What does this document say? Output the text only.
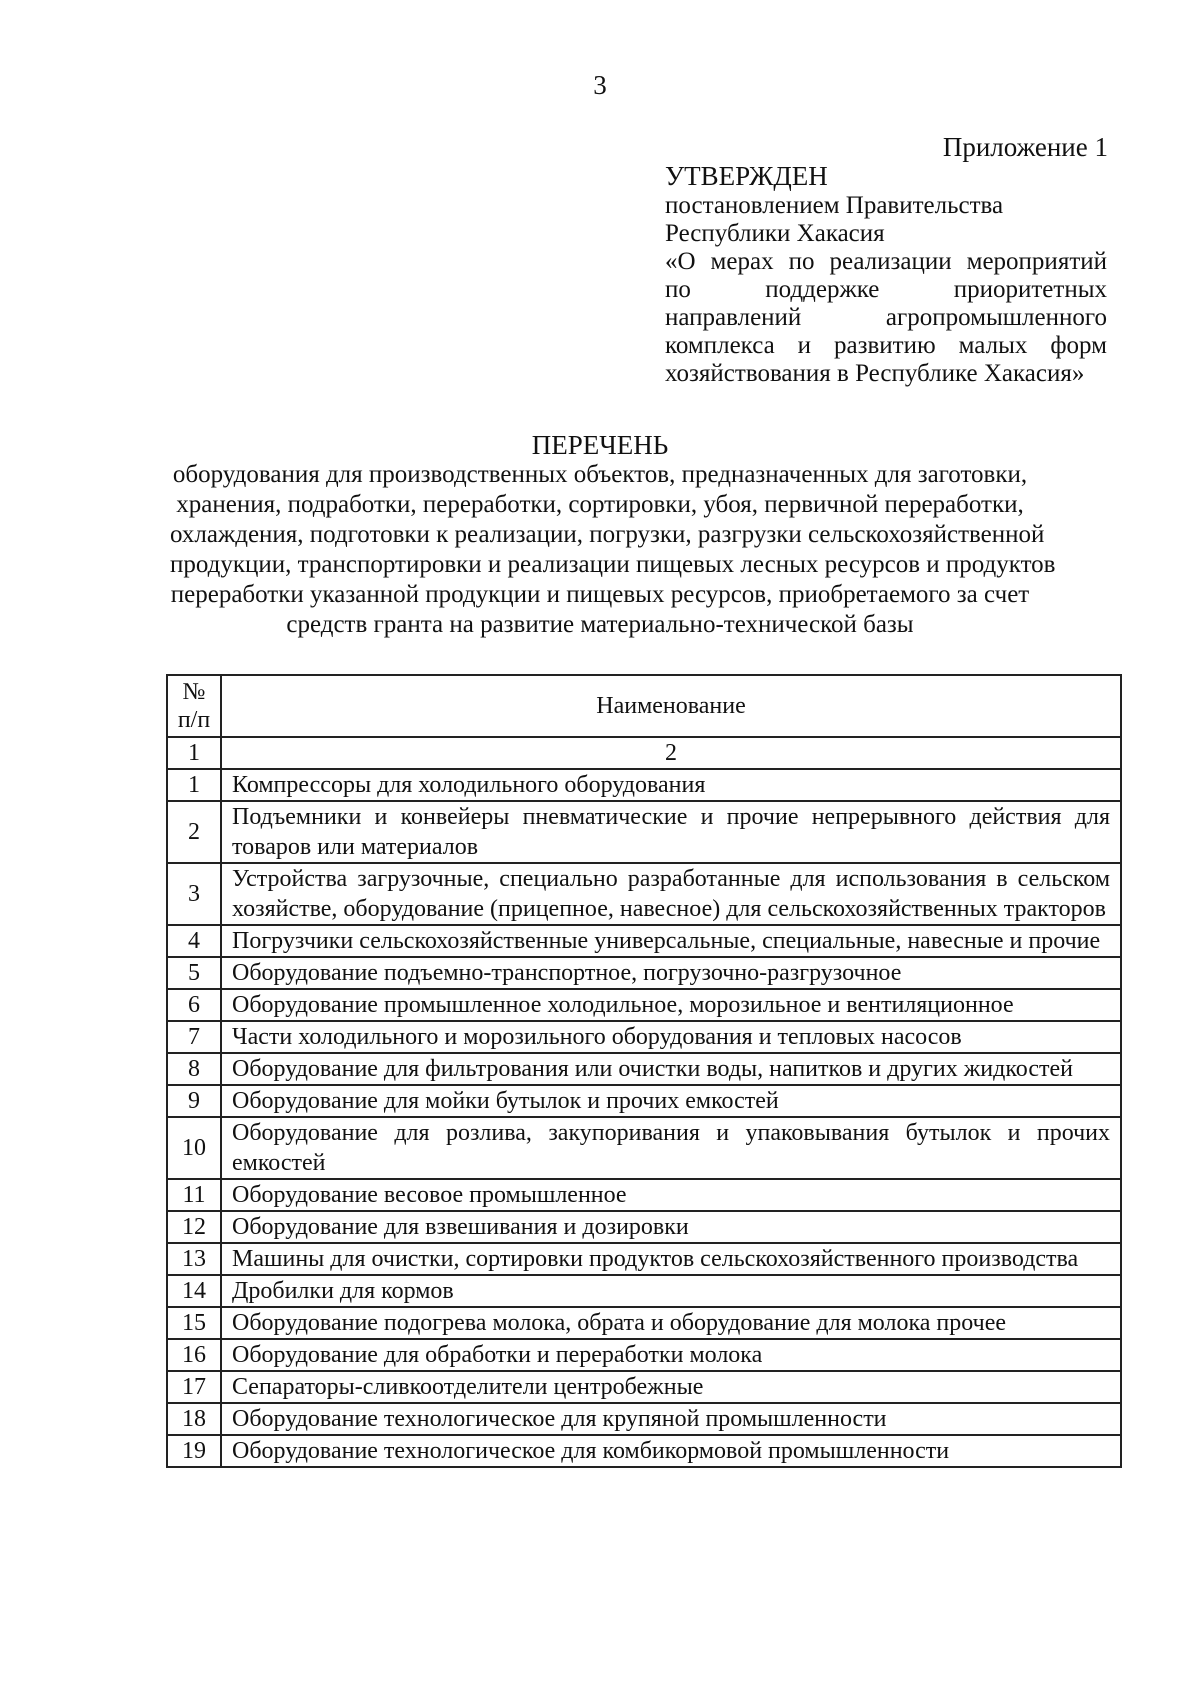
3
Приложение 1
УТВЕРЖДЕН
постановлением Правительства
Республики Хакасия
«О мерах по реализации мероприятий
по поддержке приоритетных
направлений агропромышленного
комплекса и развитию малых форм
хозяйствования в Республике Хакасия»
ПЕРЕЧЕНЬ
оборудования для производственных объектов, предназначенных для заготовки,
хранения, подработки, переработки, сортировки, убоя, первичной переработки,
охлаждения, подготовки к реализации, погрузки, разгрузки сельскохозяйственной
продукции, транспортировки и реализации пищевых лесных ресурсов и продуктов
переработки указанной продукции и пищевых ресурсов, приобретаемого за счет
средств гранта на развитие материально-технической базы
№ п/п	Наименование
1	2
1	Компрессоры для холодильного оборудования
2	Подъемники и конвейеры пневматические и прочие непрерывного действия для товаров или материалов
3	Устройства загрузочные, специально разработанные для использования в сельском хозяйстве, оборудование (прицепное, навесное) для сельскохозяйственных тракторов
4	Погрузчики сельскохозяйственные универсальные, специальные, навесные и прочие
5	Оборудование подъемно-транспортное, погрузочно-разгрузочное
6	Оборудование промышленное холодильное, морозильное и вентиляционное
7	Части холодильного и морозильного оборудования и тепловых насосов
8	Оборудование для фильтрования или очистки воды, напитков и других жидкостей
9	Оборудование для мойки бутылок и прочих емкостей
10	Оборудование для розлива, закупоривания и упаковывания бутылок и прочих емкостей
11	Оборудование весовое промышленное
12	Оборудование для взвешивания и дозировки
13	Машины для очистки, сортировки продуктов сельскохозяйственного производства
14	Дробилки для кормов
15	Оборудование подогрева молока, обрата и оборудование для молока прочее
16	Оборудование для обработки и переработки молока
17	Сепараторы-сливкоотделители центробежные
18	Оборудование технологическое для крупяной промышленности
19	Оборудование технологическое для комбикормовой промышленности
